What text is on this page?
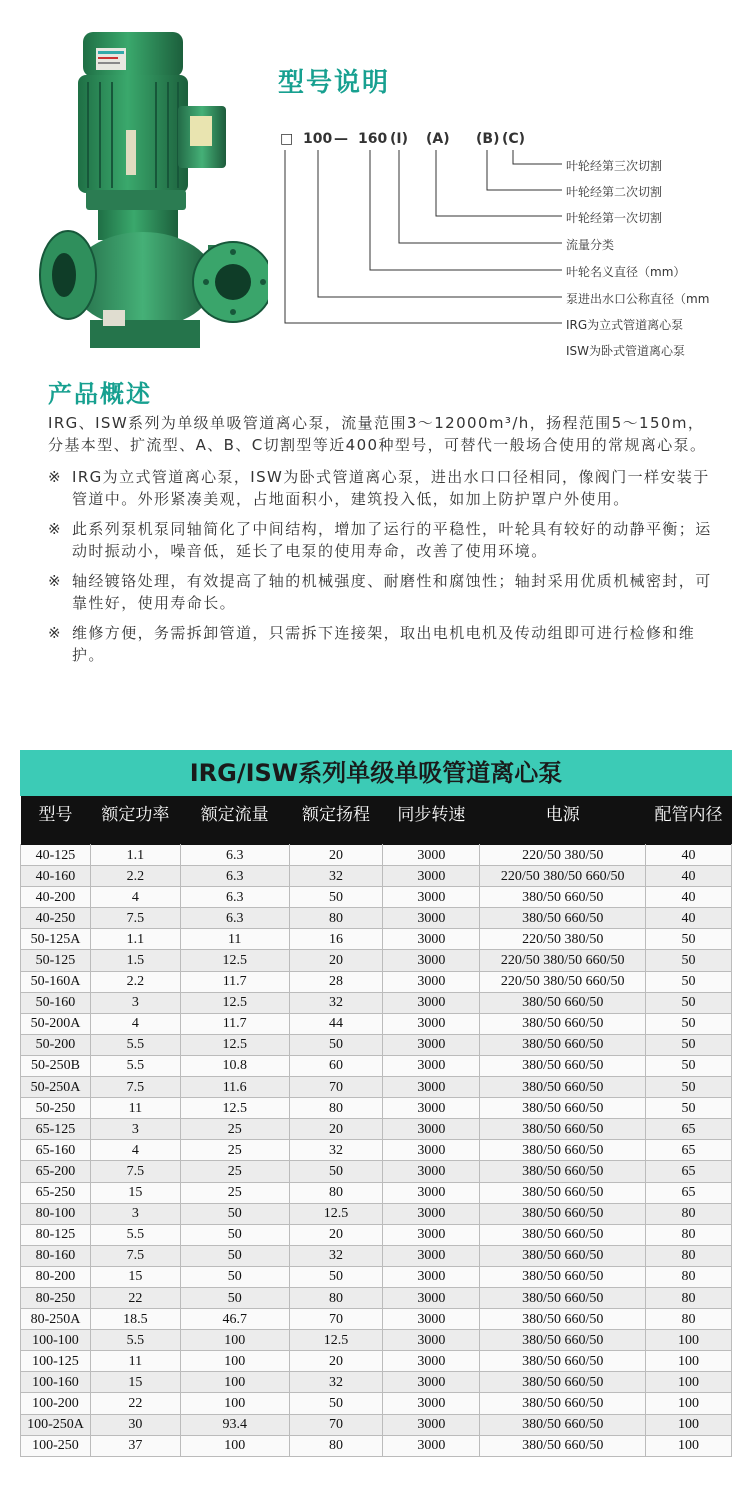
型号说明
□ 100 — 160 (I) (A) (B) (C)
叶轮经第三次切割
叶轮经第二次切割
叶轮经第一次切割
流量分类
叶轮名义直径（mm）
泵进出水口公称直径（mm
IRG为立式管道离心泵
ISW为卧式管道离心泵
产品概述

IRG、ISW系列为单级单吸管道离心泵，流量范围3～12000m³/h，扬程范围5～150m，分基本型、扩流型、A、B、C切割型等近400种型号，可替代一般场合使用的常规离心泵。

※ IRG为立式管道离心泵，ISW为卧式管道离心泵，进出水口口径相同，像阀门一样安装于管道中。外形紧凑美观，占地面积小，建筑投入低，如加上防护罩户外使用。
※ 此系列泵机泵同轴简化了中间结构，增加了运行的平稳性，叶轮具有较好的动静平衡；运动时振动小，噪音低，延长了电泵的使用寿命，改善了使用环境。
※ 轴经镀铬处理，有效提高了轴的机械强度、耐磨性和腐蚀性；轴封采用优质机械密封，可靠性好，使用寿命长。
※ 维修方便，务需拆卸管道，只需拆下连接架，取出电机电机及传动组即可进行检修和维护。
IRG/ISW系列单级单吸管道离心泵
型号	额定功率	额定流量	额定扬程	同步转速	电源	配管内径
40-125	1.1	6.3	20	3000	220/50 380/50	40
40-160	2.2	6.3	32	3000	220/50 380/50 660/50	40
40-200	4	6.3	50	3000	380/50 660/50	40
40-250	7.5	6.3	80	3000	380/50 660/50	40
50-125A	1.1	11	16	3000	220/50 380/50	50
50-125	1.5	12.5	20	3000	220/50 380/50 660/50	50
50-160A	2.2	11.7	28	3000	220/50 380/50 660/50	50
50-160	3	12.5	32	3000	380/50 660/50	50
50-200A	4	11.7	44	3000	380/50 660/50	50
50-200	5.5	12.5	50	3000	380/50 660/50	50
50-250B	5.5	10.8	60	3000	380/50 660/50	50
50-250A	7.5	11.6	70	3000	380/50 660/50	50
50-250	11	12.5	80	3000	380/50 660/50	50
65-125	3	25	20	3000	380/50 660/50	65
65-160	4	25	32	3000	380/50 660/50	65
65-200	7.5	25	50	3000	380/50 660/50	65
65-250	15	25	80	3000	380/50 660/50	65
80-100	3	50	12.5	3000	380/50 660/50	80
80-125	5.5	50	20	3000	380/50 660/50	80
80-160	7.5	50	32	3000	380/50 660/50	80
80-200	15	50	50	3000	380/50 660/50	80
80-250	22	50	80	3000	380/50 660/50	80
80-250A	18.5	46.7	70	3000	380/50 660/50	80
100-100	5.5	100	12.5	3000	380/50 660/50	100
100-125	11	100	20	3000	380/50 660/50	100
100-160	15	100	32	3000	380/50 660/50	100
100-200	22	100	50	3000	380/50 660/50	100
100-250A	30	93.4	70	3000	380/50 660/50	100
100-250	37	100	80	3000	380/50 660/50	100
